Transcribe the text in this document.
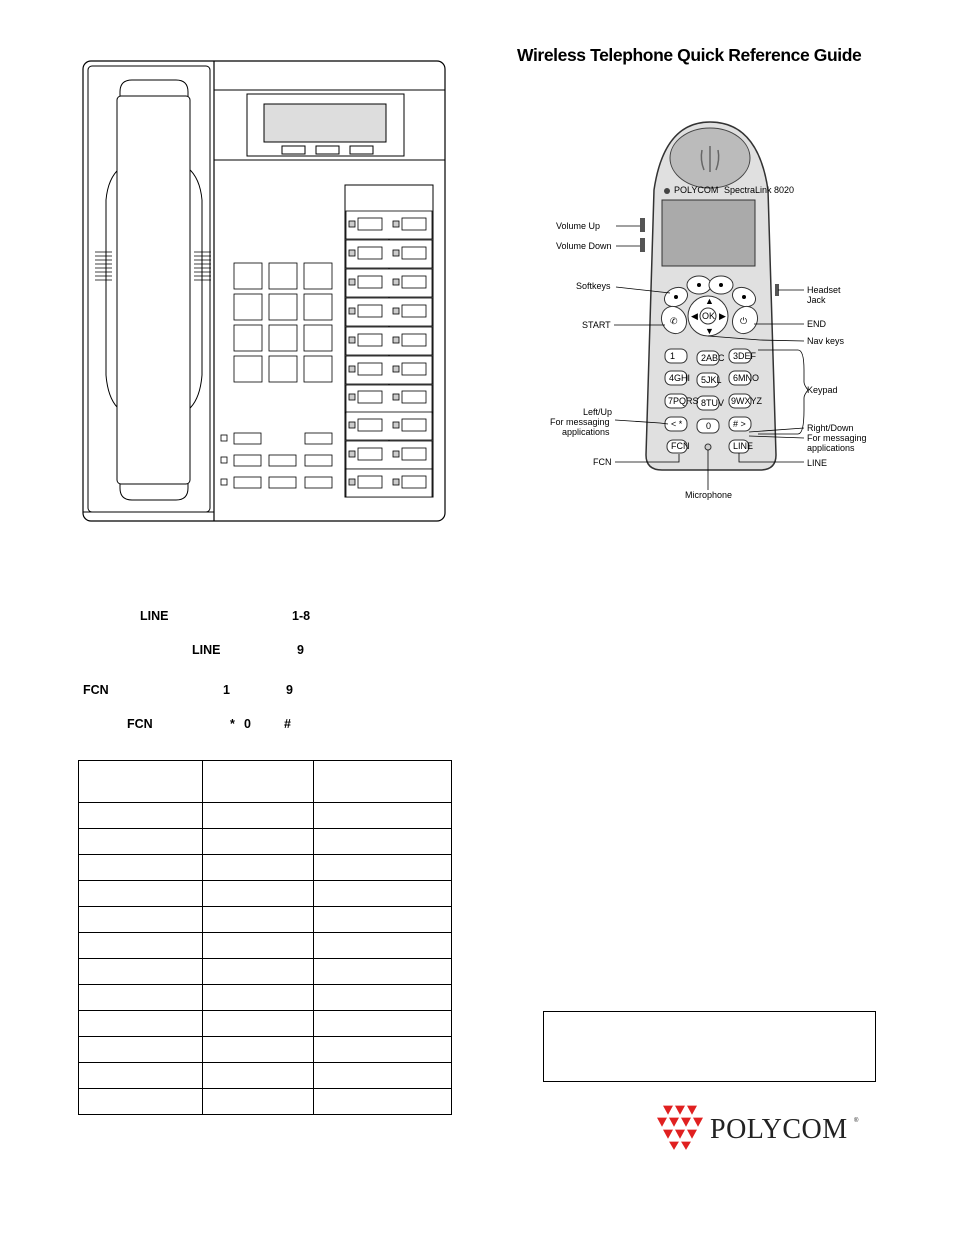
Wireless Telephone Quick Reference Guide
POLYCOM SpectraLink 8020
OK
▲
▼
◀ ▶
✆	⏻
1	2ABC 3DEF
4GHI 5JKL 6MNO
7PQRS 8TUV 9WXYZ
< *	0 # >
FCN	LINE
Volume Up
Volume Down
Softkeys
START
Left/Up
For messaging
applications
FCN
Microphone
Headset
Jack
END
Nav keys
Keypad
Right/Down
For messaging
applications
LINE
LINE	1-8
LINE	9
FCN	1	9
FCN	* 0	#

POLYCOM ®
